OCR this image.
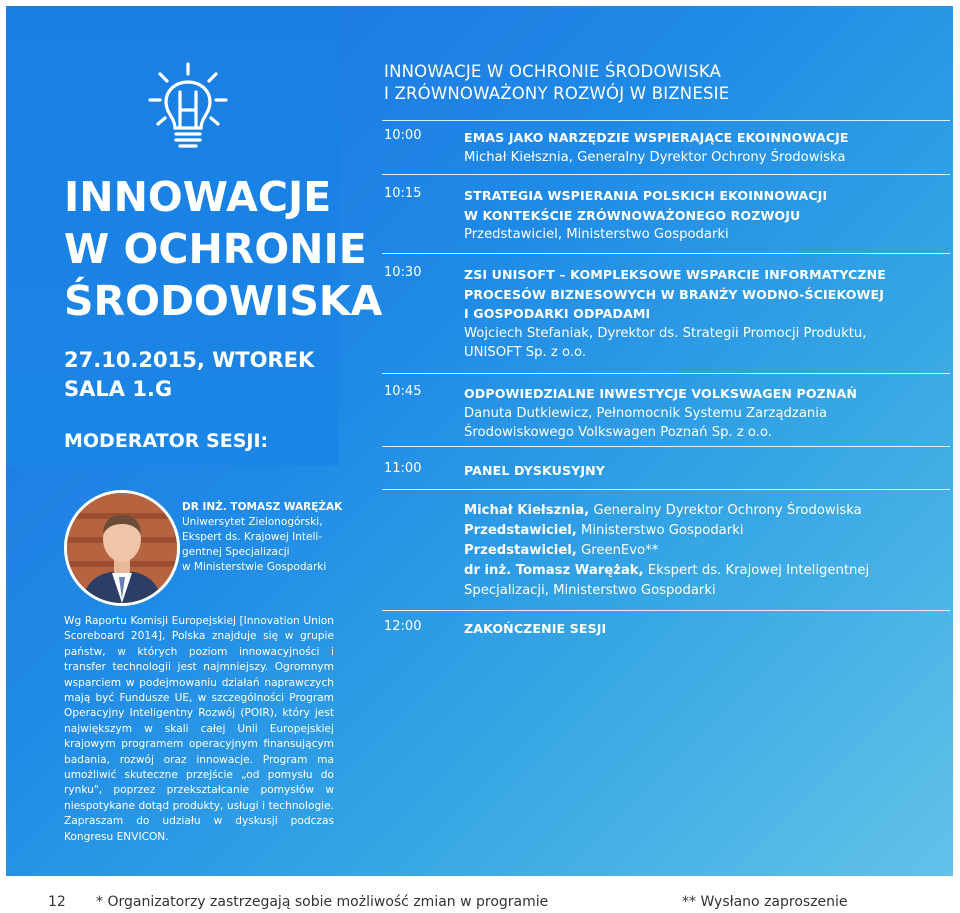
INNOWACJE
W OCHRONIE
ŚRODOWISKA
27.10.2015, WTOREK
SALA 1.G
MODERATOR SESJI:
DR INŻ. TOMASZ WARĘŻAK
Uniwersytet Zielonogórski,
Ekspert ds. Krajowej Inteli-
gentnej Specjalizacji
w Ministerstwie Gospodarki
Wg Raportu Komisji Europejskiej [Innovation Union Scoreboard 2014], Polska znajduje się w grupie państw, w których poziom innowacyjności i transfer technologii jest najmniejszy. Ogromnym wsparciem w podejmowaniu działań naprawczych mają być Fundusze UE, w szczególności Program Operacyjny Inteligentny Rozwój (POIR), który jest największym w skali całej Unii Europejskiej krajowym programem operacyjnym finansującym badania, rozwój oraz innowacje. Program ma umożliwić skuteczne przejście „od pomysłu do rynku", poprzez przekształcanie pomysłów w niespotykane dotąd produkty, usługi i technologie. Zapraszam do udziału w dyskusji podczas Kongresu ENVICON.
INNOWACJE W OCHRONIE ŚRODOWISKA
I ZRÓWNOWAŻONY ROZWÓJ W BIZNESIE
10:00	EMAS JAKO NARZĘDZIE WSPIERAJĄCE EKOINNOWACJE
Michał Kiełsznia, Generalny Dyrektor Ochrony Środowiska
10:15	STRATEGIA WSPIERANIA POLSKICH EKOINNOWACJI
W KONTEKŚCIE ZRÓWNOWAŻONEGO ROZWOJU
Przedstawiciel, Ministerstwo Gospodarki
10:30	ZSI UNISOFT – KOMPLEKSOWE WSPARCIE INFORMATYCZNE
PROCESÓW BIZNESOWYCH W BRANŻY WODNO-ŚCIEKOWEJ
I GOSPODARKI ODPADAMI
Wojciech Stefaniak, Dyrektor ds. Strategii Promocji Produktu,
UNISOFT Sp. z o.o.
10:45	ODPOWIEDZIALNE INWESTYCJE VOLKSWAGEN POZNAŃ
Danuta Dutkiewicz, Pełnomocnik Systemu Zarządzania
Środowiskowego Volkswagen Poznań Sp. z o.o.
11:00	PANEL DYSKUSYJNY
Michał Kiełsznia, Generalny Dyrektor Ochrony Środowiska
Przedstawiciel, Ministerstwo Gospodarki
Przedstawiciel, GreenEvo**
dr inż. Tomasz Warężak, Ekspert ds. Krajowej Inteligentnej
Specjalizacji, Ministerstwo Gospodarki
12:00	ZAKOŃCZENIE SESJI
12 * Organizatorzy zastrzegają sobie możliwość zmian w programie	** Wysłano zaproszenie
